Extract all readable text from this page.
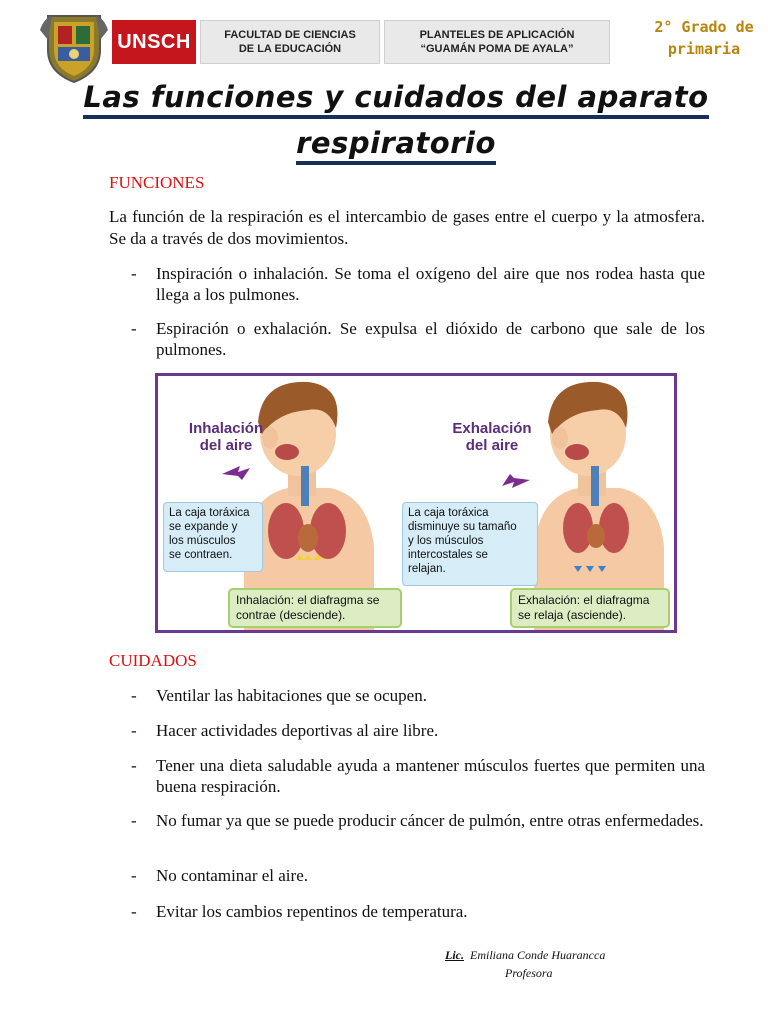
UNSCH	FACULTAD DE CIENCIAS
DE LA EDUCACIÓN
PLANTELES DE APLICACIÓN
“GUAMÁN POMA DE AYALA”
2° Grado de
primaria
Las funciones y cuidados del aparato
respiratorio
FUNCIONES
La función de la respiración es el intercambio de gases entre el cuerpo y la atmosfera. Se da a través de dos movimientos.
- Inspiración o inhalación. Se toma el oxígeno del aire que nos rodea hasta que llega a los pulmones.
- Espiración o exhalación. Se expulsa el dióxido de carbono que sale de los pulmones.
Inhalación
del aire
La caja toráxica
se expande y
los músculos
se contraen.
Inhalación: el diafragma se
contrae (desciende).
Exhalación
del aire
La caja toráxica
disminuye su tamaño
y los músculos
intercostales se
relajan.
Exhalación: el diafragma
se relaja (asciende).
CUIDADOS
- Ventilar las habitaciones que se ocupen.
- Hacer actividades deportivas al aire libre.
- Tener una dieta saludable ayuda a mantener músculos fuertes que permiten una buena respiración.
- No fumar ya que se puede producir cáncer de pulmón, entre otras enfermedades.
- No contaminar el aire.
- Evitar los cambios repentinos de temperatura.
Lic. Emiliana Conde Huarancca
Profesora
